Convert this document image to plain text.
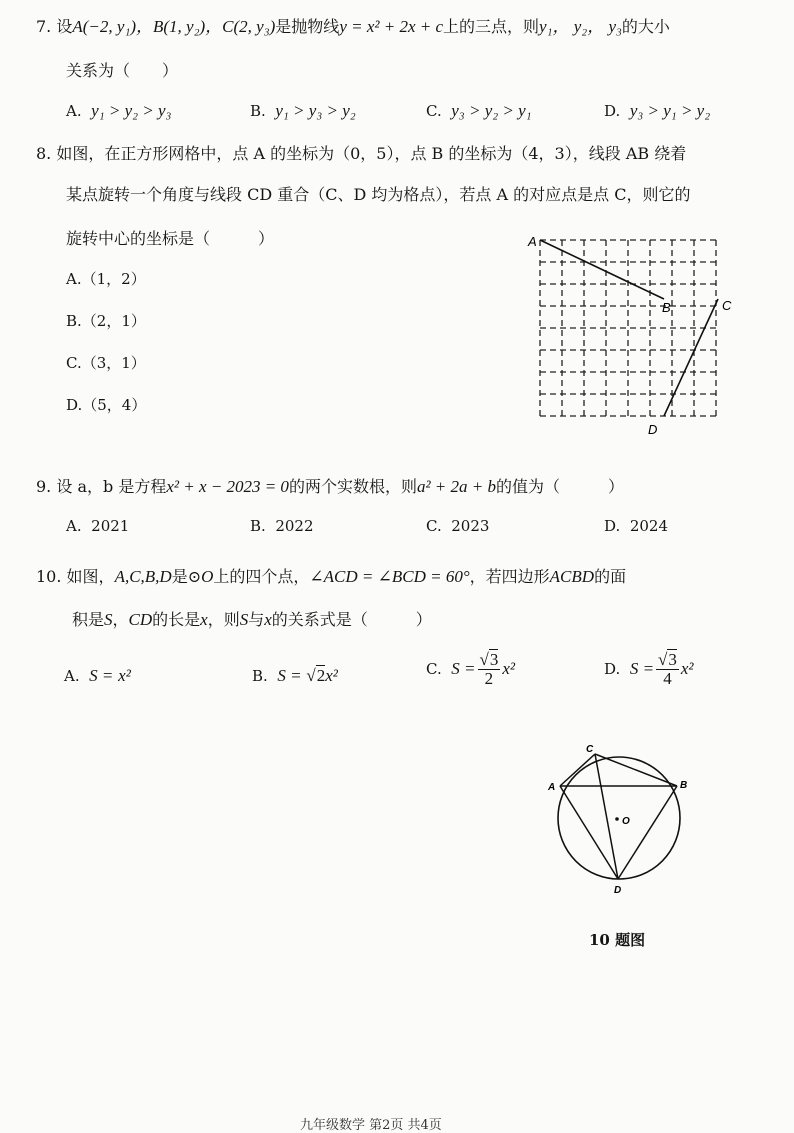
7. 设A(−2, y₁)，B(1, y₂)，C(2, y₃)是抛物线y = x² + 2x + c上的三点，则y₁， y₂， y₃的大小
关系为（　　）
A. y₁ > y₂ > y₃	B. y₁ > y₃ > y₂	C. y₃ > y₂ > y₁	D. y₃ > y₁ > y₂
8. 如图，在正方形网格中，点 A 的坐标为（0，5），点 B 的坐标为（4，3），线段 AB 绕着
某点旋转一个角度与线段 CD 重合（C、D 均为格点），若点 A 的对应点是点 C，则它的
旋转中心的坐标是（　　　）
A.（1，2）
B.（2，1）
C.（3，1）
D.（5，4）
A
B	C
D
9. 设 a，b 是方程x² + x − 2023 = 0的两个实数根，则a² + 2a + b的值为（　　　）
A. 2021	B. 2022	C. 2023	D. 2024
10. 如图，A,C,B,D是⊙O上的四个点，∠ACD = ∠BCD = 60°，若四边形ACBD的面
积是S，CD的长是x，则S与x的关系式是（　　　）
A. S = x²	B. S = √2x²	C. $S = \frac{√3}{2} x^2$	D. $S = \frac{√3}{4} x^2$
O
A
C
B
D
10 题图
九年级数学 第2页 共4页
